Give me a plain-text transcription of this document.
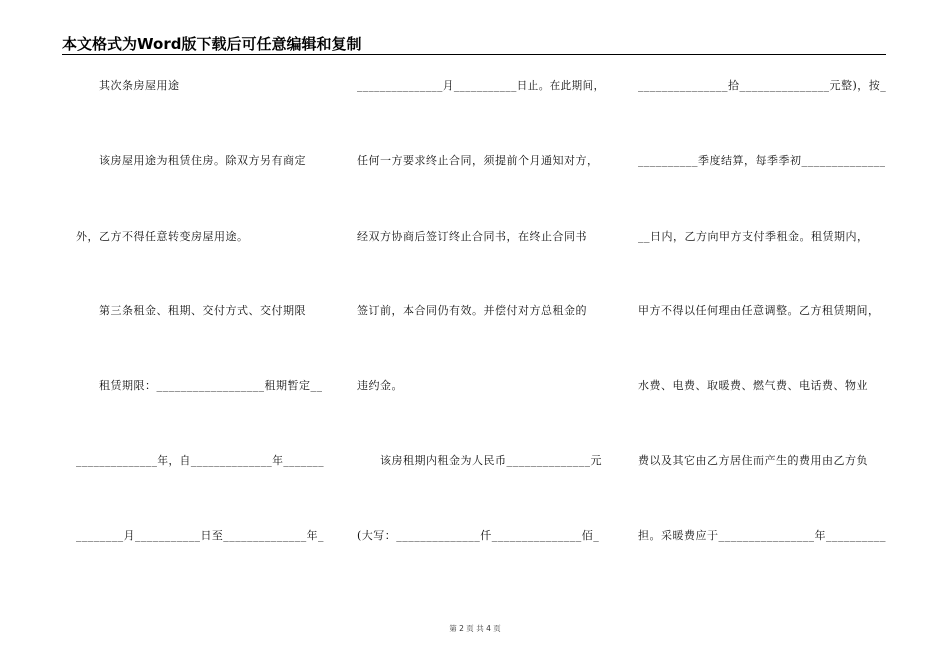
本文格式为Word版下载后可任意编辑和复制
　　其次条房屋用途
　　该房屋用途为租赁住房。除双方另有商定
外，乙方不得任意转变房屋用途。
　　第三条租金、租期、交付方式、交付期限
　　租赁期限：__________________租期暂定__
______________年，自______________年_______
________月___________日至______________年_
_______________月___________日止。在此期间，
任何一方要求终止合同，须提前个月通知对方，
经双方协商后签订终止合同书，在终止合同书
签订前，本合同仍有效。并偿付对方总租金的
违约金。
　　该房租期内租金为人民币______________元
(大写：______________仟_______________佰_
_______________拾_______________元整)，按_
__________季度结算，每季季初______________
__日内，乙方向甲方支付季租金。租赁期内，
甲方不得以任何理由任意调整。乙方租赁期间，
水费、电费、取暖费、燃气费、电话费、物业
费以及其它由乙方居住而产生的费用由乙方负
担。采暖费应于________________年__________
第 2 页 共 4 页
